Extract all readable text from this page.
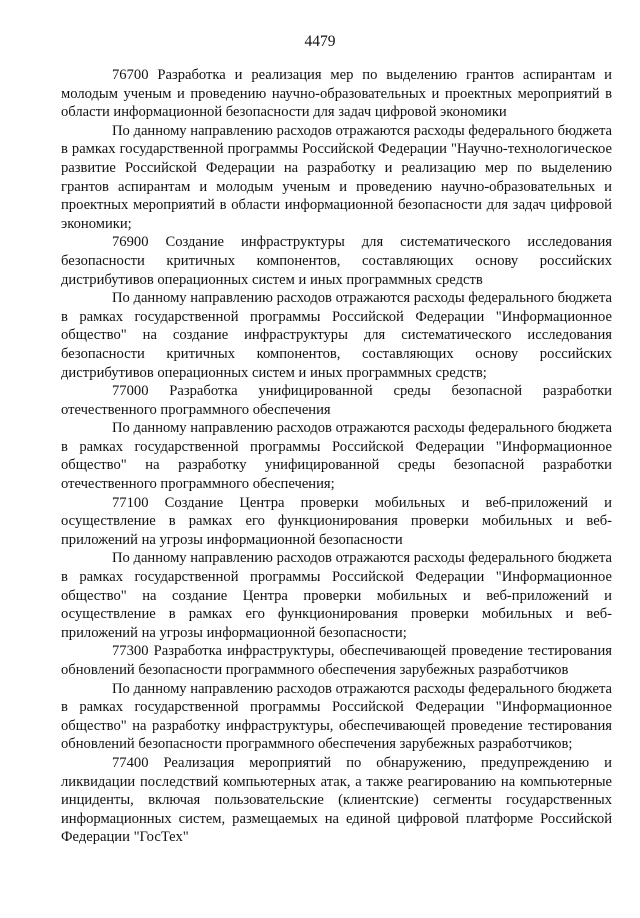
4479

76700 Разработка и реализация мер по выделению грантов аспирантам и молодым ученым и проведению научно-образовательных и проектных мероприятий в области информационной безопасности для задач цифровой экономики

По данному направлению расходов отражаются расходы федерального бюджета в рамках государственной программы Российской Федерации "Научно-технологическое развитие Российской Федерации на разработку и реализацию мер по выделению грантов аспирантам и молодым ученым и проведению научно-образовательных и проектных мероприятий в области информационной безопасности для задач цифровой экономики;

76900 Создание инфраструктуры для систематического исследования безопасности критичных компонентов, составляющих основу российских дистрибутивов операционных систем и иных программных средств

По данному направлению расходов отражаются расходы федерального бюджета в рамках государственной программы Российской Федерации "Информационное общество" на создание инфраструктуры для систематического исследования безопасности критичных компонентов, составляющих основу российских дистрибутивов операционных систем и иных программных средств;

77000 Разработка унифицированной среды безопасной разработки отечественного программного обеспечения

По данному направлению расходов отражаются расходы федерального бюджета в рамках государственной программы Российской Федерации "Информационное общество" на разработку унифицированной среды безопасной разработки отечественного программного обеспечения;

77100 Создание Центра проверки мобильных и веб-приложений и осуществление в рамках его функционирования проверки мобильных и веб-приложений на угрозы информационной безопасности

По данному направлению расходов отражаются расходы федерального бюджета в рамках государственной программы Российской Федерации "Информационное общество" на создание Центра проверки мобильных и веб-приложений и осуществление в рамках его функционирования проверки мобильных и веб-приложений на угрозы информационной безопасности;

77300 Разработка инфраструктуры, обеспечивающей проведение тестирования обновлений безопасности программного обеспечения зарубежных разработчиков

По данному направлению расходов отражаются расходы федерального бюджета в рамках государственной программы Российской Федерации "Информационное общество" на разработку инфраструктуры, обеспечивающей проведение тестирования обновлений безопасности программного обеспечения зарубежных разработчиков;

77400 Реализация мероприятий по обнаружению, предупреждению и ликвидации последствий компьютерных атак, а также реагированию на компьютерные инциденты, включая пользовательские (клиентские) сегменты государственных информационных систем, размещаемых на единой цифровой платформе Российской Федерации "ГосТех"
